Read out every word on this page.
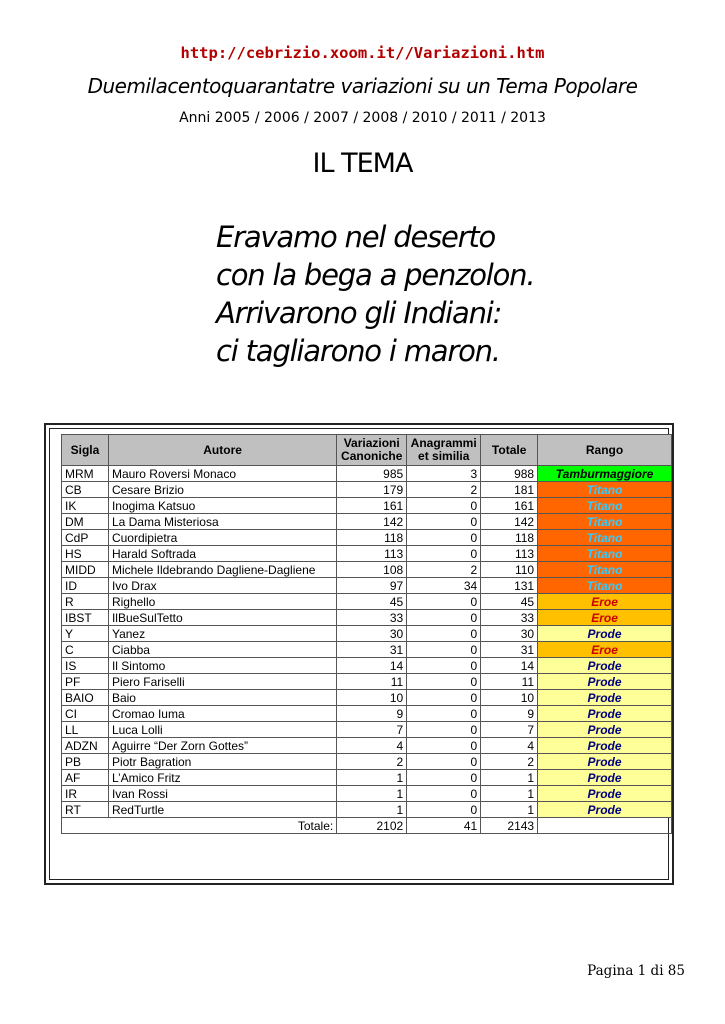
http://cebrizio.xoom.it//Variazioni.htm
Duemilacentoquarantatre variazioni su un Tema Popolare
Anni 2005 / 2006 / 2007 / 2008 / 2010 / 2011 / 2013
IL TEMA
Eravamo nel deserto
con la bega a penzolon.
Arrivarono gli Indiani:
ci tagliarono i maron.
Sigla	Autore	Variazioni Canoniche	Anagrammi et similia	Totale	Rango
MRM	Mauro Roversi Monaco	985	3	988	Tamburmaggiore
CB	Cesare Brizio	179	2	181	Titano
IK	Inogima Katsuo	161	0	161	Titano
DM	La Dama Misteriosa	142	0	142	Titano
CdP	Cuordipietra	118	0	118	Titano
HS	Harald Softrada	113	0	113	Titano
MIDD	Michele Ildebrando Dagliene-Dagliene	108	2	110	Titano
ID	Ivo Drax	97	34	131	Titano
R	Righello	45	0	45	Eroe
IBST	IlBueSulTetto	33	0	33	Eroe
Y	Yanez	30	0	30	Prode
C	Ciabba	31	0	31	Eroe
IS	Il Sintomo	14	0	14	Prode
PF	Piero Fariselli	11	0	11	Prode
BAIO	Baio	10	0	10	Prode
CI	Cromao Iuma	9	0	9	Prode
LL	Luca Lolli	7	0	7	Prode
ADZN	Aguirre “Der Zorn Gottes”	4	0	4	Prode
PB	Piotr Bagration	2	0	2	Prode
AF	L’Amico Fritz	1	0	1	Prode
IR	Ivan Rossi	1	0	1	Prode
RT	RedTurtle	1	0	1	Prode
Totale:		2102	41	2143	
Pagina 1 di 85
